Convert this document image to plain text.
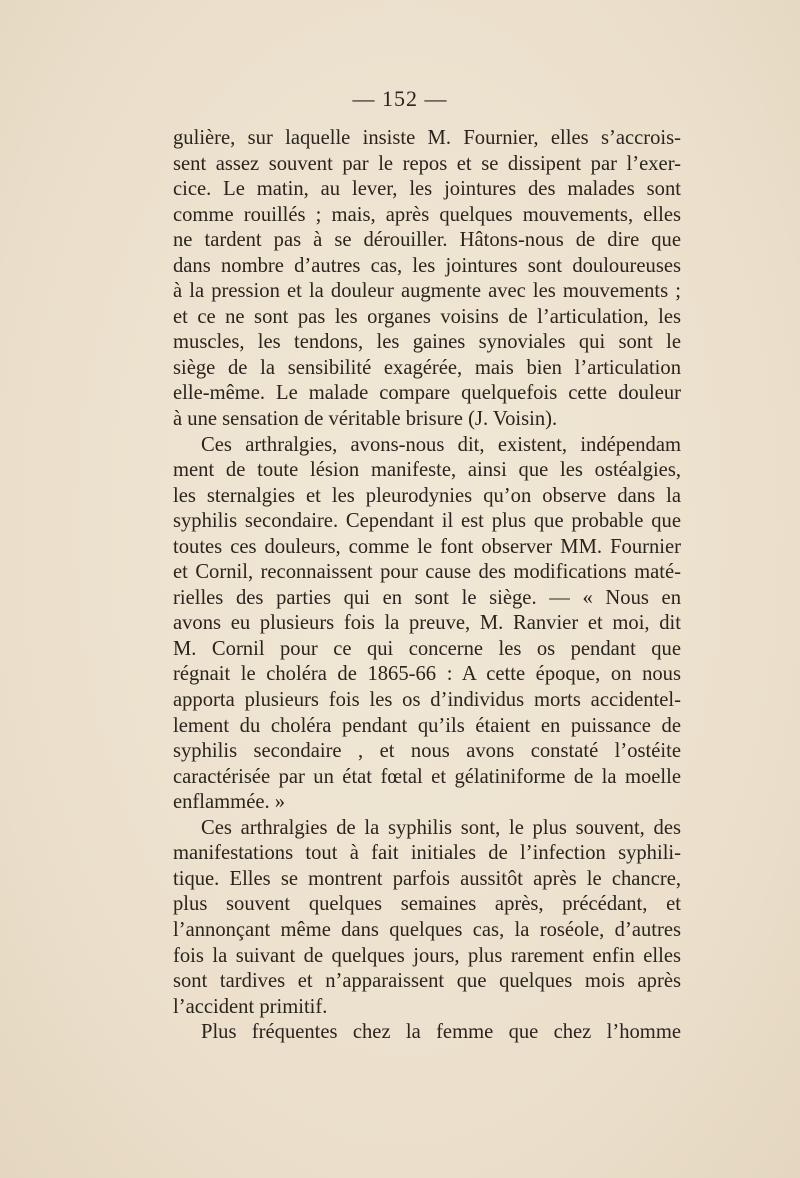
— 152 —
gulière, sur laquelle insiste M. Fournier, elles s’accrois-
sent assez souvent par le repos et se dissipent par l’exer-
cice. Le matin, au lever, les jointures des malades sont
comme rouillés ; mais, après quelques mouvements, elles
ne tardent pas à se dérouiller. Hâtons-nous de dire que
dans nombre d’autres cas, les jointures sont douloureuses
à la pression et la douleur augmente avec les mouvements ;
et ce ne sont pas les organes voisins de l’articulation, les
muscles, les tendons, les gaines synoviales qui sont le
siège de la sensibilité exagérée, mais bien l’articulation
elle-même. Le malade compare quelquefois cette douleur
à une sensation de véritable brisure (J. Voisin).
Ces arthralgies, avons-nous dit, existent, indépendam
ment de toute lésion manifeste, ainsi que les ostéalgies,
les sternalgies et les pleurodynies qu’on observe dans la
syphilis secondaire. Cependant il est plus que probable que
toutes ces douleurs, comme le font observer MM. Fournier
et Cornil, reconnaissent pour cause des modifications maté-
rielles des parties qui en sont le siège. — « Nous en
avons eu plusieurs fois la preuve, M. Ranvier et moi, dit
M. Cornil pour ce qui concerne les os pendant que
régnait le choléra de 1865-66 : A cette époque, on nous
apporta plusieurs fois les os d’individus morts accidentel-
lement du choléra pendant qu’ils étaient en puissance de
syphilis secondaire , et nous avons constaté l’ostéite
caractérisée par un état fœtal et gélatiniforme de la moelle
enflammée. »
Ces arthralgies de la syphilis sont, le plus souvent, des
manifestations tout à fait initiales de l’infection syphili-
tique. Elles se montrent parfois aussitôt après le chancre,
plus souvent quelques semaines après, précédant, et
l’annonçant même dans quelques cas, la roséole, d’autres
fois la suivant de quelques jours, plus rarement enfin elles
sont tardives et n’apparaissent que quelques mois après
l’accident primitif.
Plus fréquentes chez la femme que chez l’homme
